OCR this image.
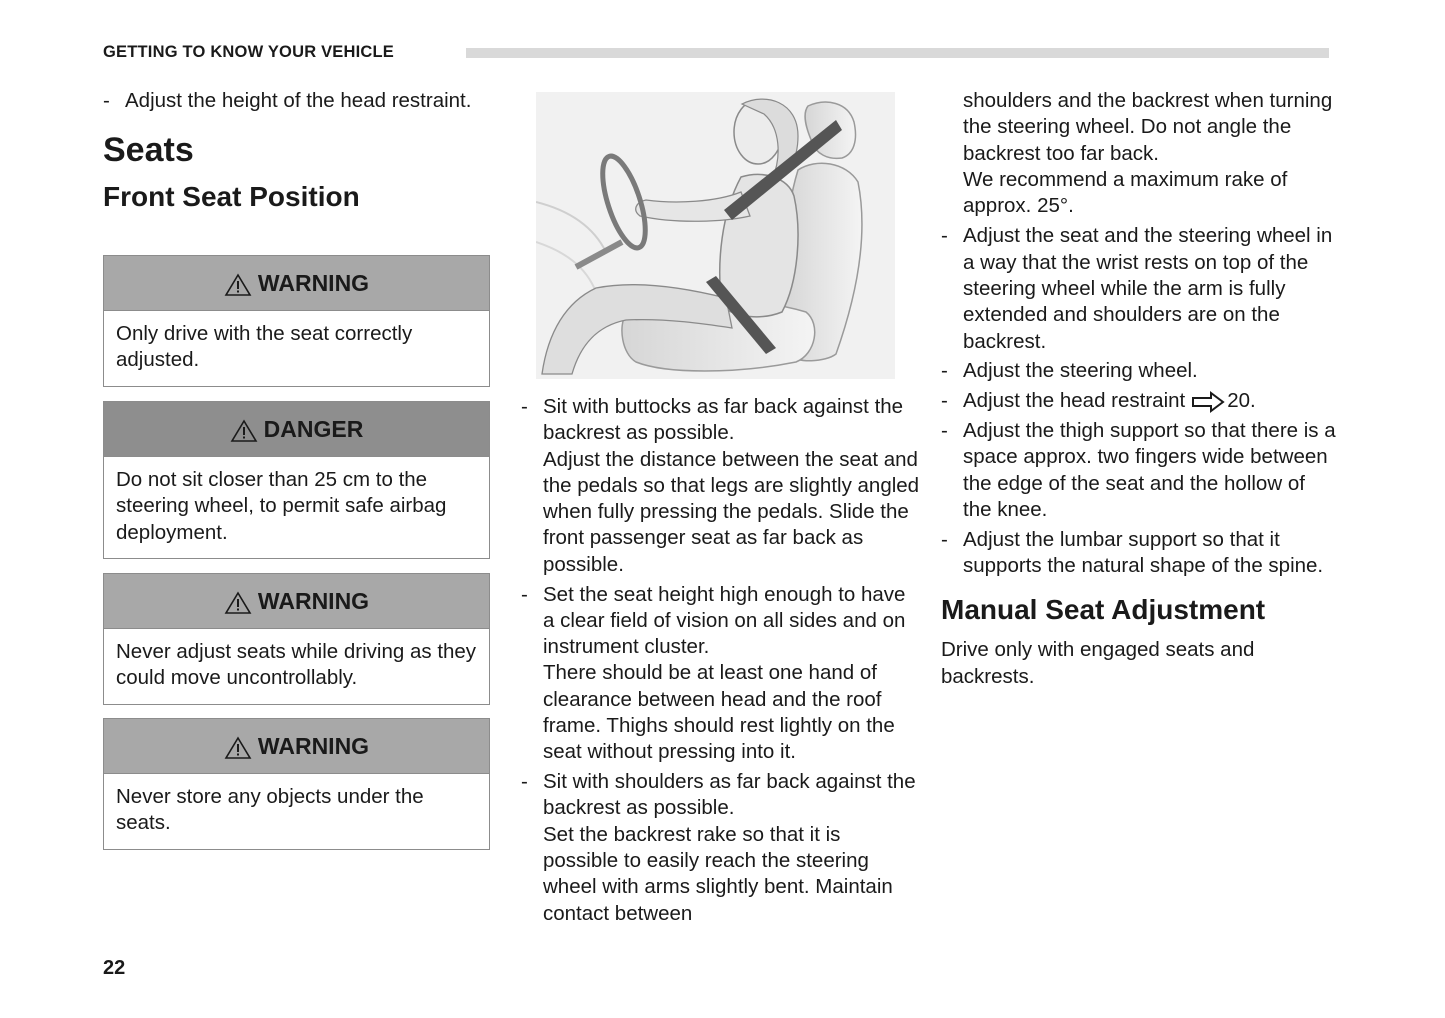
GETTING TO KNOW YOUR VEHICLE
- Adjust the height of the head restraint.

Seats
Front Seat Position
WARNING
Only drive with the seat correctly adjusted.
DANGER
Do not sit closer than 25 cm to the steering wheel, to permit safe airbag deployment.
WARNING
Never adjust seats while driving as they could move uncontrollably.
WARNING
Never store any objects under the seats.
- Sit with buttocks as far back against the backrest as possible.

Adjust the distance between the seat and the pedals so that legs are slightly angled when fully pressing the pedals. Slide the front passenger seat as far back as possible.

- Set the seat height high enough to have a clear field of vision on all sides and on instrument cluster.

There should be at least one hand of clearance between head and the roof frame. Thighs should rest lightly on the seat without pressing into it.

- Sit with shoulders as far back against the backrest as possible.

Set the backrest rake so that it is possible to easily reach the steering wheel with arms slightly bent. Maintain contact between

shoulders and the backrest when turning the steering wheel. Do not angle the backrest too far back.

We recommend a maximum rake of approx. 25°.

- Adjust the seat and the steering wheel in a way that the wrist rests on top of the steering wheel while the arm is fully extended and shoulders are on the backrest.

- Adjust the steering wheel.

- Adjust the head restraint 20.

- Adjust the thigh support so that there is a space approx. two fingers wide between the edge of the seat and the hollow of the knee.

- Adjust the lumbar support so that it supports the natural shape of the spine.

Manual Seat Adjustment

Drive only with engaged seats and backrests.

22
